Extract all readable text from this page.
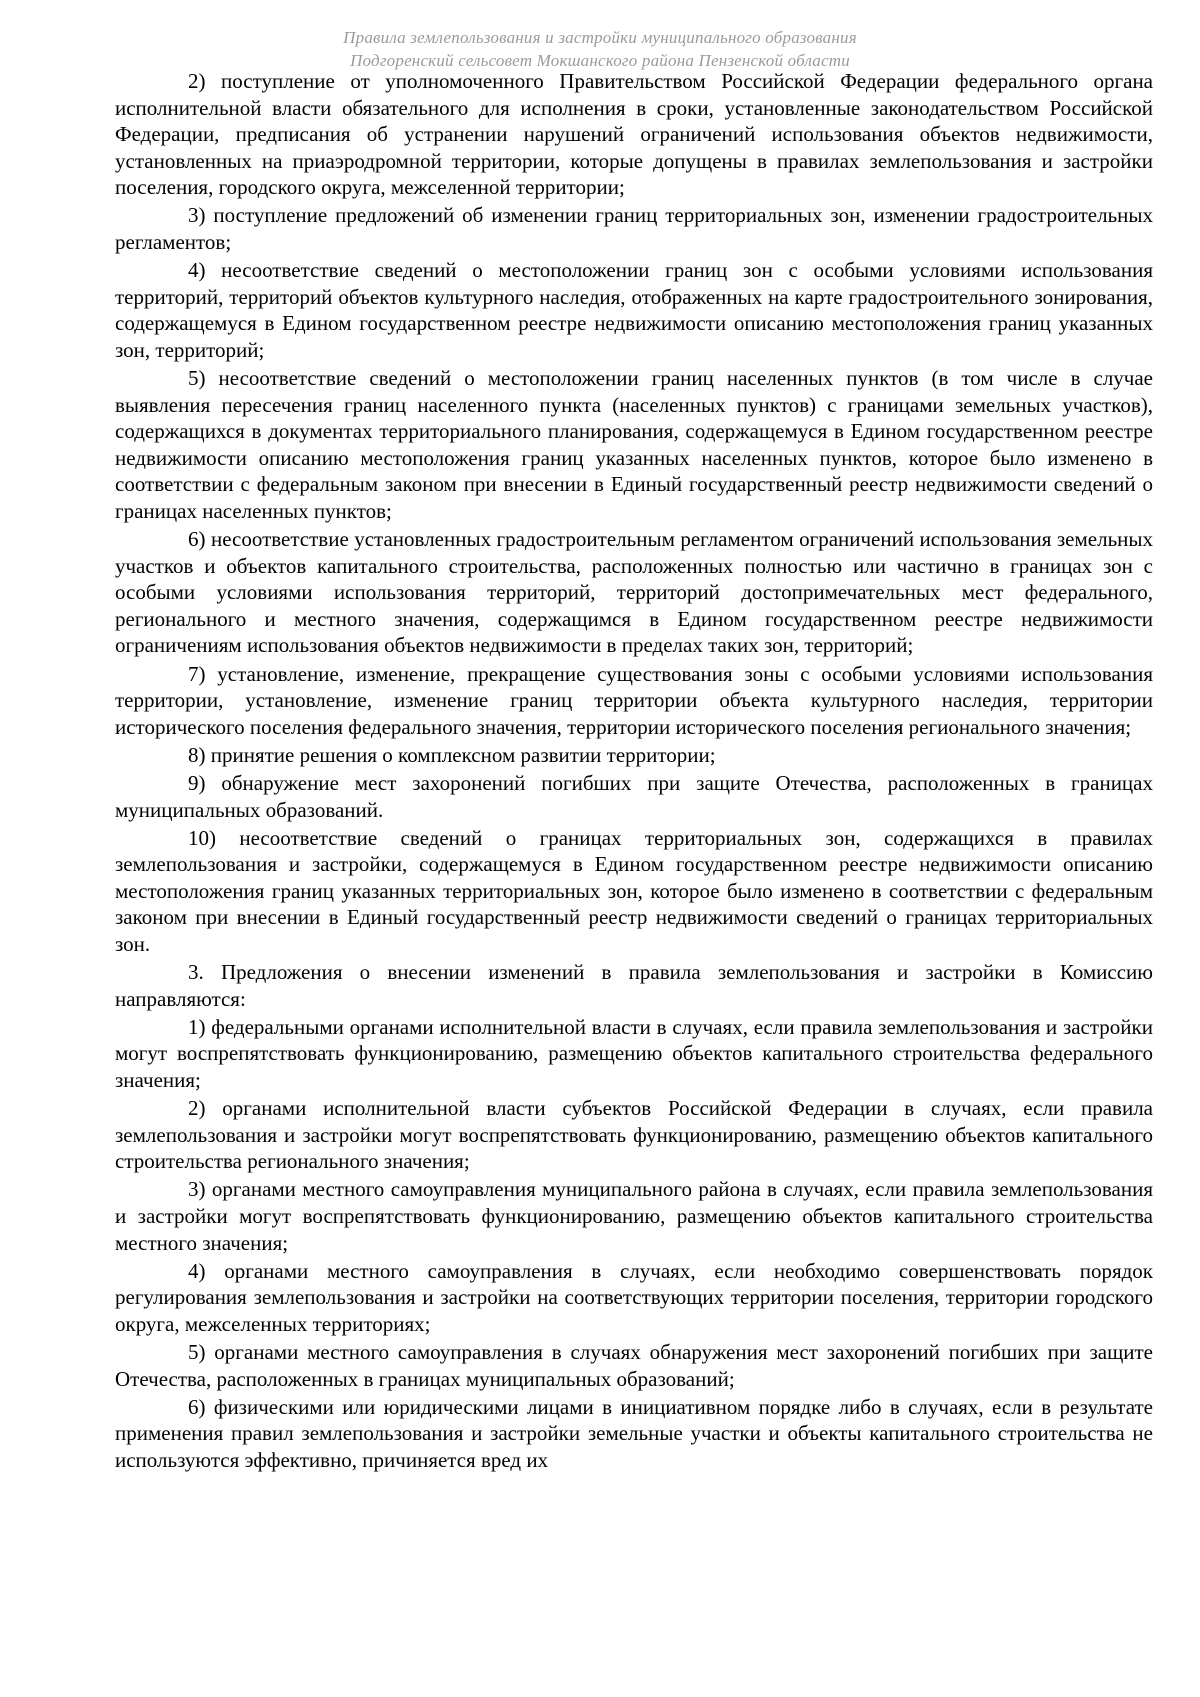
Правила землепользования и застройки муниципального образования
Подгоренский сельсовет Мокшанского района Пензенской области

2) поступление от уполномоченного Правительством Российской Федерации федерального органа исполнительной власти обязательного для исполнения в сроки, установленные законодательством Российской Федерации, предписания об устранении нарушений ограничений использования объектов недвижимости, установленных на приаэродромной территории, которые допущены в правилах землепользования и застройки поселения, городского округа, межселенной территории;

3) поступление предложений об изменении границ территориальных зон, изменении градостроительных регламентов;

4) несоответствие сведений о местоположении границ зон с особыми условиями использования территорий, территорий объектов культурного наследия, отображенных на карте градостроительного зонирования, содержащемуся в Едином государственном реестре недвижимости описанию местоположения границ указанных зон, территорий;

5) несоответствие сведений о местоположении границ населенных пунктов (в том числе в случае выявления пересечения границ населенного пункта (населенных пунктов) с границами земельных участков), содержащихся в документах территориального планирования, содержащемуся в Едином государственном реестре недвижимости описанию местоположения границ указанных населенных пунктов, которое было изменено в соответствии с федеральным законом при внесении в Единый государственный реестр недвижимости сведений о границах населенных пунктов;

6) несоответствие установленных градостроительным регламентом ограничений использования земельных участков и объектов капитального строительства, расположенных полностью или частично в границах зон с особыми условиями использования территорий, территорий достопримечательных мест федерального, регионального и местного значения, содержащимся в Едином государственном реестре недвижимости ограничениям использования объектов недвижимости в пределах таких зон, территорий;

7) установление, изменение, прекращение существования зоны с особыми условиями использования территории, установление, изменение границ территории объекта культурного наследия, территории исторического поселения федерального значения, территории исторического поселения регионального значения;

8) принятие решения о комплексном развитии территории;

9) обнаружение мест захоронений погибших при защите Отечества, расположенных в границах муниципальных образований.

10) несоответствие сведений о границах территориальных зон, содержащихся в правилах землепользования и застройки, содержащемуся в Едином государственном реестре недвижимости описанию местоположения границ указанных территориальных зон, которое было изменено в соответствии с федеральным законом при внесении в Единый государственный реестр недвижимости сведений о границах территориальных зон.

3. Предложения о внесении изменений в правила землепользования и застройки в Комиссию направляются:

1) федеральными органами исполнительной власти в случаях, если правила землепользования и застройки могут воспрепятствовать функционированию, размещению объектов капитального строительства федерального значения;

2) органами исполнительной власти субъектов Российской Федерации в случаях, если правила землепользования и застройки могут воспрепятствовать функционированию, размещению объектов капитального строительства регионального значения;

3) органами местного самоуправления муниципального района в случаях, если правила землепользования и застройки могут воспрепятствовать функционированию, размещению объектов капитального строительства местного значения;

4) органами местного самоуправления в случаях, если необходимо совершенствовать порядок регулирования землепользования и застройки на соответствующих территории поселения, территории городского округа, межселенных территориях;

5) органами местного самоуправления в случаях обнаружения мест захоронений погибших при защите Отечества, расположенных в границах муниципальных образований;

6) физическими или юридическими лицами в инициативном порядке либо в случаях, если в результате применения правил землепользования и застройки земельные участки и объекты капитального строительства не используются эффективно, причиняется вред их
